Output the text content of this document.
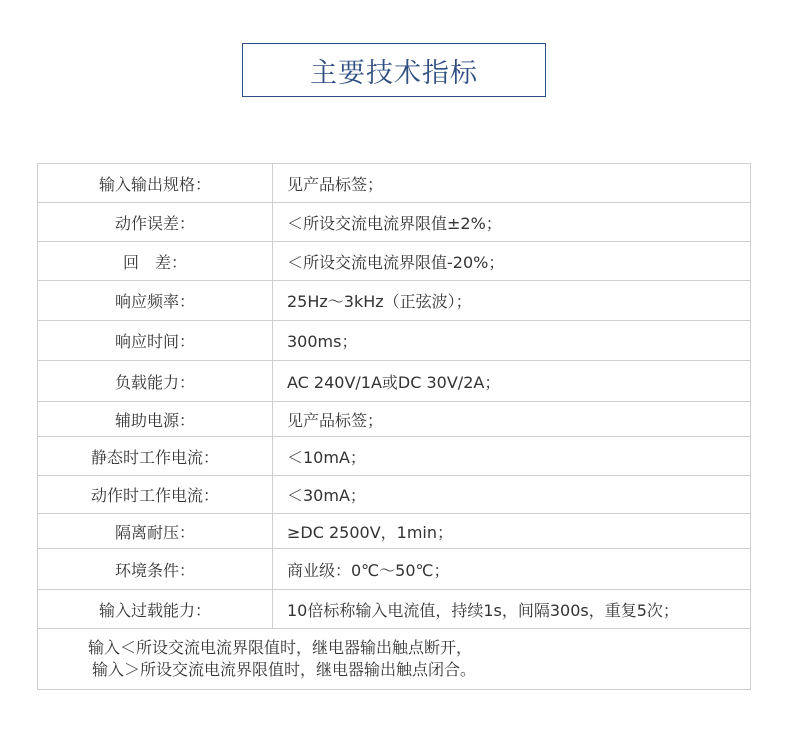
主要技术指标
输入输出规格：	见产品标签；
动作误差：	＜所设交流电流界限值±2%；
回　差：	＜所设交流电流界限值-20%；
响应频率：	25Hz～3kHz（正弦波）；
响应时间：	300ms；
负载能力：	AC 240V/1A或DC 30V/2A；
辅助电源：	见产品标签；
静态时工作电流：	＜10mA；
动作时工作电流：	＜30mA；
隔离耐压：	≥DC 2500V，1min；
环境条件：	商业级：0℃～50℃；
输入过载能力：	10倍标称输入电流值，持续1s，间隔300s，重复5次；

输入＜所设交流电流界限值时，继电器输出触点断开，
输入＞所设交流电流界限值时，继电器输出触点闭合。	
